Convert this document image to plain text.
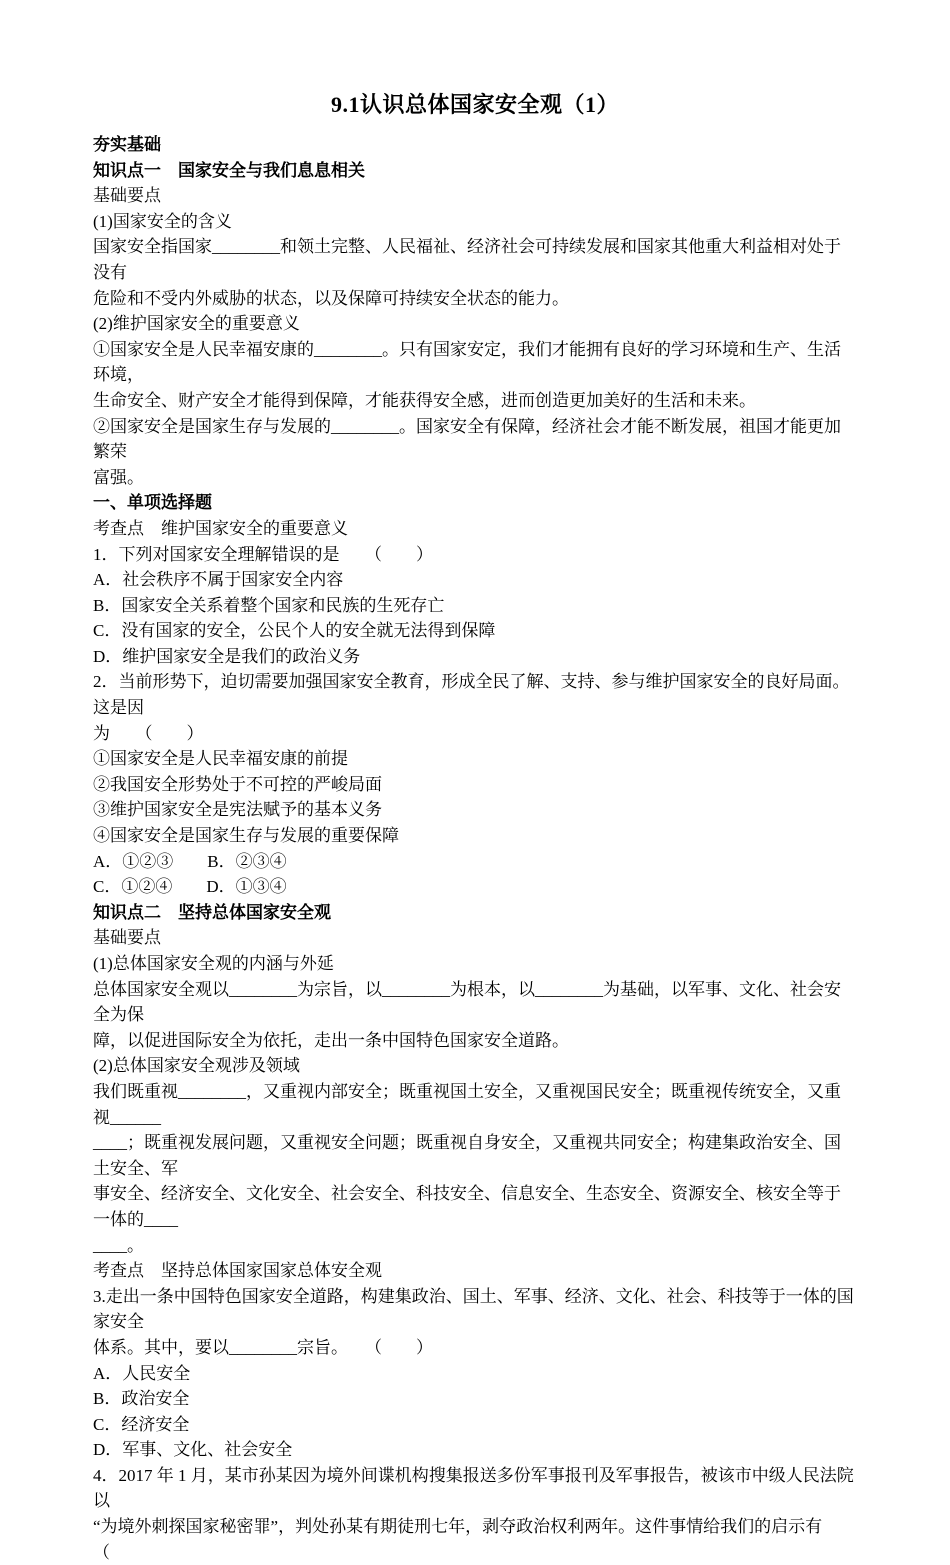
9.1认识总体国家安全观（1）
夯实基础
知识点一　国家安全与我们息息相关
基础要点
(1)国家安全的含义
国家安全指国家________和领土完整、人民福祉、经济社会可持续发展和国家其他重大利益相对处于没有
危险和不受内外威胁的状态，以及保障可持续安全状态的能力。
(2)维护国家安全的重要意义
①国家安全是人民幸福安康的________。只有国家安定，我们才能拥有良好的学习环境和生产、生活环境，
生命安全、财产安全才能得到保障，才能获得安全感，进而创造更加美好的生活和未来。
②国家安全是国家生存与发展的________。国家安全有保障，经济社会才能不断发展，祖国才能更加繁荣
富强。
一、单项选择题
考查点　维护国家安全的重要意义
1．下列对国家安全理解错误的是　　（　　）
A．社会秩序不属于国家安全内容
B．国家安全关系着整个国家和民族的生死存亡
C．没有国家的安全，公民个人的安全就无法得到保障
D．维护国家安全是我们的政治义务
2．当前形势下，迫切需要加强国家安全教育，形成全民了解、支持、参与维护国家安全的良好局面。这是因
为　　（　　）
①国家安全是人民幸福安康的前提
②我国安全形势处于不可控的严峻局面
③维护国家安全是宪法赋予的基本义务
④国家安全是国家生存与发展的重要保障
A．①②③　　B．②③④
C．①②④　　D．①③④
知识点二　坚持总体国家安全观
基础要点
(1)总体国家安全观的内涵与外延
总体国家安全观以________为宗旨，以________为根本，以________为基础，以军事、文化、社会安全为保
障，以促进国际安全为依托，走出一条中国特色国家安全道路。
(2)总体国家安全观涉及领域
我们既重视________，又重视内部安全；既重视国土安全，又重视国民安全；既重视传统安全，又重视______
____；既重视发展问题，又重视安全问题；既重视自身安全，又重视共同安全；构建集政治安全、国土安全、军
事安全、经济安全、文化安全、社会安全、科技安全、信息安全、生态安全、资源安全、核安全等于一体的____
____。
考查点　坚持总体国家国家总体安全观
3.走出一条中国特色国家安全道路，构建集政治、国土、军事、经济、文化、社会、科技等于一体的国家安全
体系。其中，要以________宗旨。　　（　　）
A．人民安全
B．政治安全
C．经济安全
D．军事、文化、社会安全
4．2017 年 1 月，某市孙某因为境外间谍机构搜集报送多份军事报刊及军事报告，被该市中级人民法院以
“为境外刺探国家秘密罪”，判处孙某有期徒刑七年，剥夺政治权利两年。这件事情给我们的启示有　　（
